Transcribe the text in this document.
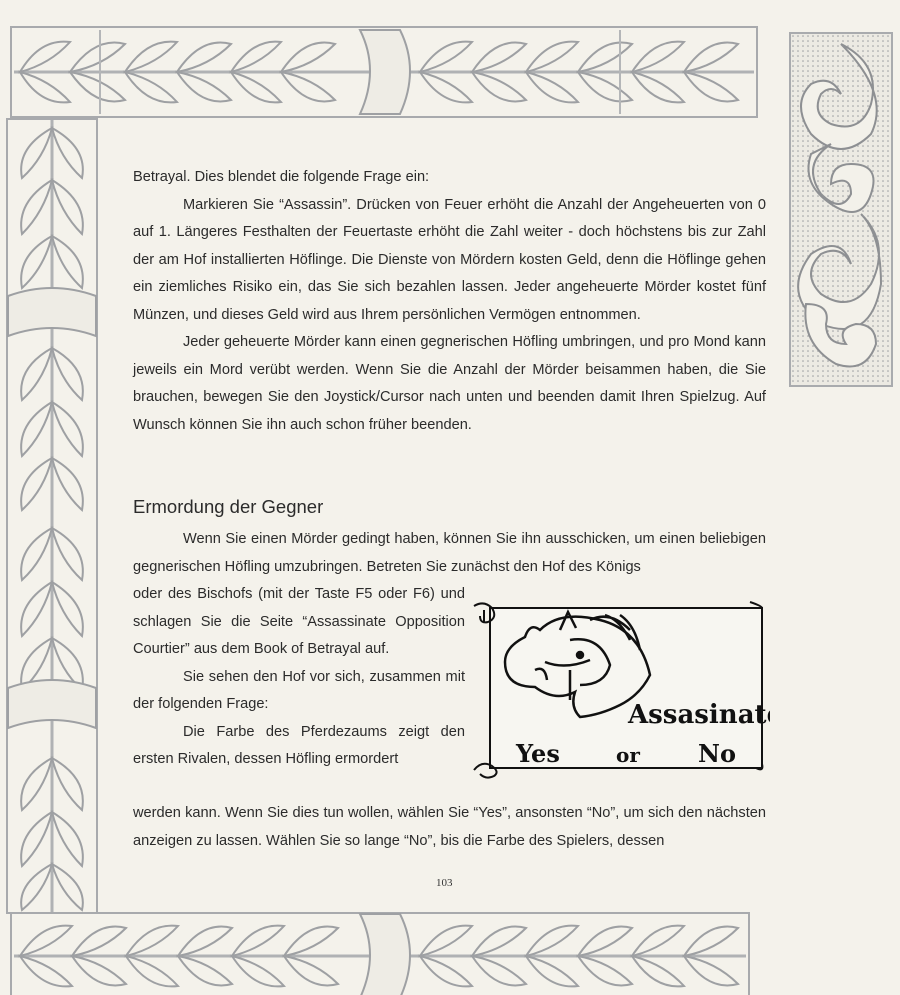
Betrayal. Dies blendet die folgende Frage ein:

Markieren Sie “Assassin”. Drücken von Feuer erhöht die Anzahl der Angeheuerten von 0 auf 1. Längeres Festhalten der Feuertaste erhöht die Zahl weiter - doch höchstens bis zur Zahl der am Hof installierten Höflinge. Die Dienste von Mördern kosten Geld, denn die Höflinge gehen ein ziemliches Risiko ein, das Sie sich bezahlen lassen. Jeder angeheuerte Mörder kostet fünf Münzen, und dieses Geld wird aus Ihrem persönlichen Vermögen entnommen.

Jeder geheuerte Mörder kann einen gegnerischen Höfling umbringen, und pro Mond kann jeweils ein Mord verübt werden. Wenn Sie die Anzahl der Mörder beisammen haben, die Sie brauchen, bewegen Sie den Joystick/Cursor nach unten und beenden damit Ihren Spielzug. Auf Wunsch können Sie ihn auch schon früher beenden.

Ermordung der Gegner

Wenn Sie einen Mörder gedingt haben, können Sie ihn ausschicken, um einen beliebigen gegnerischen Höfling umzubringen. Betreten Sie zunächst den Hof des Königs

oder des Bischofs (mit der Taste F5 oder F6) und schlagen Sie die Seite “Assassinate Opposition Courtier” aus dem Book of Betrayal auf.

Sie sehen den Hof vor sich, zusammen mit der folgenden Frage:

Die Farbe des Pferdezaums zeigt den ersten Rivalen, dessen Höfling ermordert

werden kann. Wenn Sie dies tun wollen, wählen Sie “Yes”, ansonsten “No”, um sich den nächsten anzeigen zu lassen. Wählen Sie so lange “No”, bis die Farbe des Spielers, dessen

103
Assasinate
Yes	or No
